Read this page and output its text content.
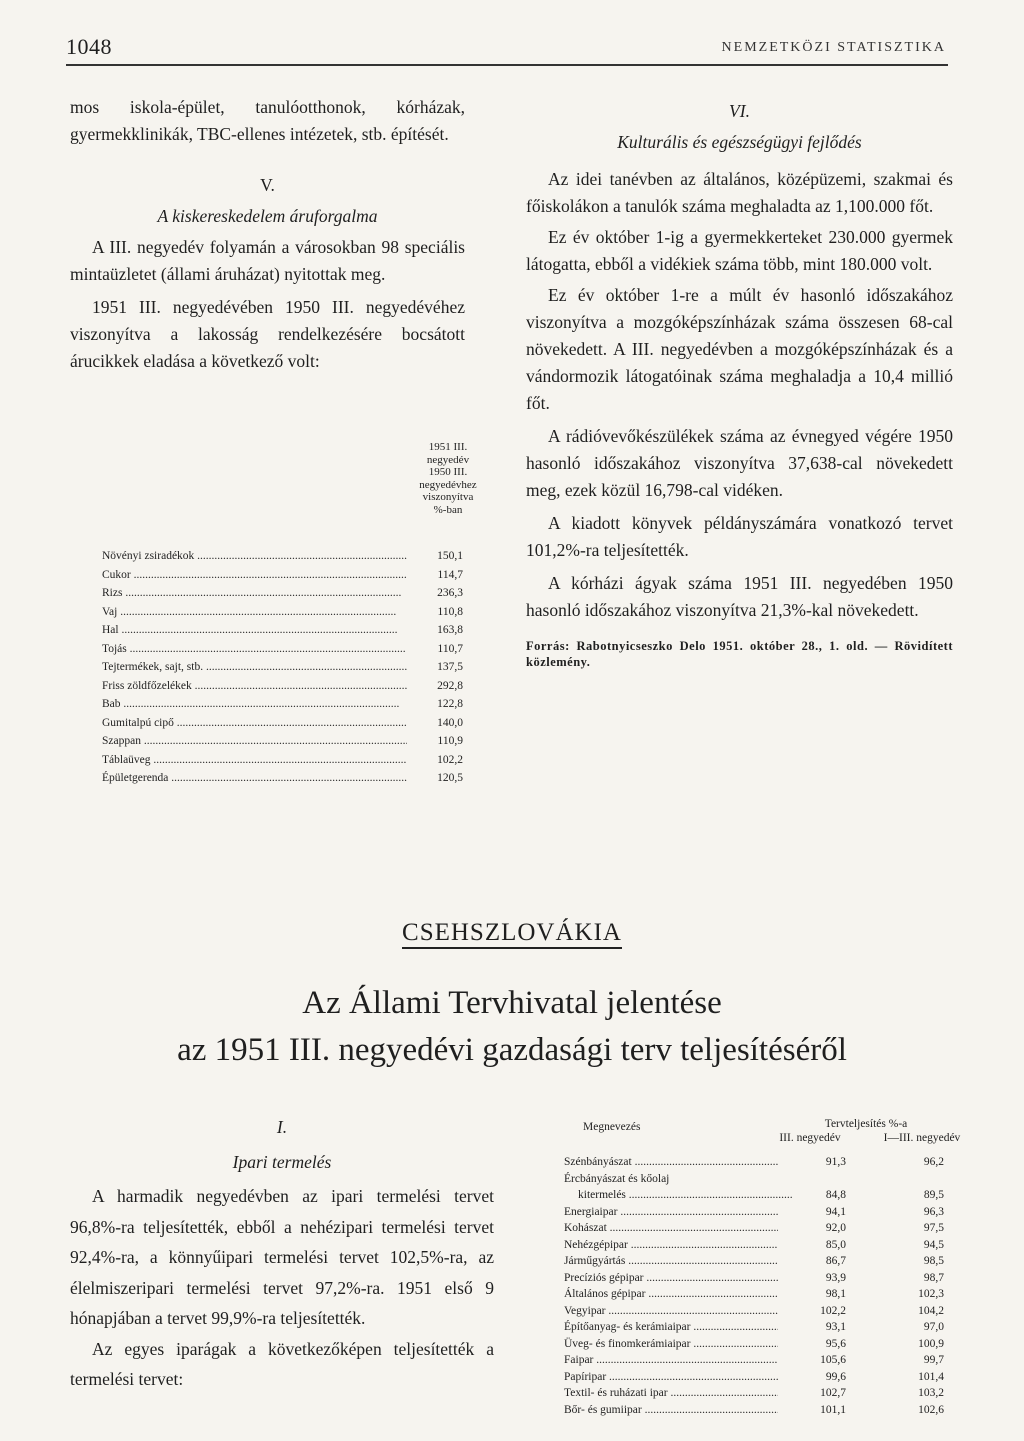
1048	NEMZETKÖZI STATISZTIKA

mos iskola-épület, tanulóotthonok, kórházak, gyermekklinikák, TBC-ellenes intézetek, stb. építését.

V.

A kiskereskedelem áruforgalma

A III. negyedév folyamán a városokban 98 speciális mintaüzletet (állami áruházat) nyitottak meg.

1951 III. negyedévében 1950 III. negyedévéhez viszonyítva a lakosság rendelkezésére bocsátott árucikkek eladása a következő volt:

1951 III.
negyedév
1950 III.
negyedévhez
viszonyítva
%-ban
Növényi zsiradékok .....	150,1
Cukor .....	114,7
Rizs .....	236,3
Vaj .....	110,8
Hal .....	163,8
Tojás .....	110,7
Tejtermékek, sajt, stb. .....	137,5
Friss zöldfőzelékek .....	292,8
Bab .....	122,8
Gumitalpú cipő .....	140,0
Szappan .....	110,9
Táblaüveg .....	102,2
Épületgerenda .....	120,5

VI.

Kulturális és egészségügyi fejlődés

Az idei tanévben az általános, középüzemi, szakmai és főiskolákon a tanulók száma meghaladta az 1,100.000 főt.

Ez év október 1-ig a gyermekkerteket 230.000 gyermek látogatta, ebből a vidékiek száma több, mint 180.000 volt.

Ez év október 1-re a múlt év hasonló időszakához viszonyítva a mozgóképszínházak száma összesen 68-cal növekedett. A III. negyedévben a mozgóképszínházak és a vándormozik látogatóinak száma meghaladja a 10,4 millió főt.

A rádióvevőkészülékek száma az évnegyed végére 1950 hasonló időszakához viszonyítva 37,638-cal növekedett meg, ezek közül 16,798-cal vidéken.

A kiadott könyvek példányszámára vonatkozó tervet 101,2%-ra teljesítették.

A kórházi ágyak száma 1951 III. negyedében 1950 hasonló időszakához viszonyítva 21,3%-kal növekedett.

Forrás: Rabotnyicseszko Delo 1951. október 28., 1. old. — Rövidített közlemény.

CSEHSZLOVÁKIA
Az Állami Tervhivatal jelentése
az 1951 III. negyedévi gazdasági terv teljesítéséről

I.

Ipari termelés

A harmadik negyedévben az ipari termelési tervet 96,8%-ra teljesítették, ebből a nehézipari termelési tervet 92,4%-ra, a könnyűipari termelési tervet 102,5%-ra, az élelmiszeripari termelési tervet 97,2%-ra. 1951 első 9 hónapjában a tervet 99,9%-ra teljesítették.

Az egyes iparágak a következőképen teljesítették a termelési tervet:

Megnevezés	Tervteljesítés %-a
III. negyedév	I—III. negyedév
Szénbányászat .....	91,3	96,2
Ércbányászat és kőolaj		
kitermelés .....	84,8	89,5
Energiaipar .....	94,1	96,3
Kohászat .....	92,0	97,5
Nehézgépipar .....	85,0	94,5
Járműgyártás .....	86,7	98,5
Precíziós gépipar .....	93,9	98,7
Általános gépipar .....	98,1	102,3
Vegyipar .....	102,2	104,2
Építőanyag- és kerámiaipar .....	93,1	97,0
Üveg- és finomkerámiaipar .....	95,6	100,9
Faipar .....	105,6	99,7
Papíripar .....	99,6	101,4
Textil- és ruházati ipar .....	102,7	103,2
Bőr- és gumiipar .....	101,1	102,6
